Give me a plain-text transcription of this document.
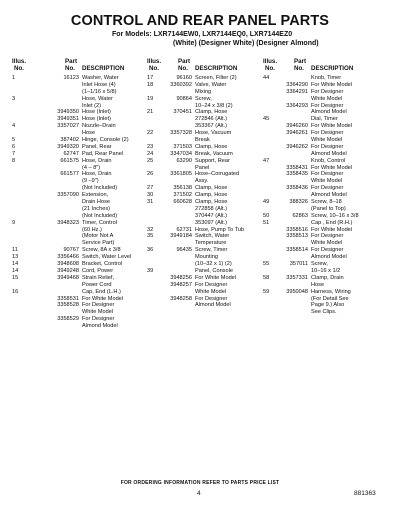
CONTROL AND REAR PANEL PARTS
For Models: LXR7144EW0, LXR7144EQ0, LXR7144EZ0
(White) (Designer White) (Designer Almond)
Illus.
No.
Part
No. DESCRIPTION
1	16123 Washer, Water
Inlet Hose (4)
(1–1/16 x 5/8)
3	Hose, Water
Inlet (2)
3949350 Hose (Inlet)
3949351 Hose (Inlet)
4	3357027 Nozzle–Drain
Hose
5	387402 Hinge, Console (2)
6	3949320 Panel, Rear
7	62747 Pad, Rear Panel
8	661575 Hose, Drain
(4 – 8")
661577 Hose, Drain
(9 –9")
(Not Included)
3357090 Extension,
Drain Hose
(21 Inches)
(Not Included)
9	3948323 Timer, Control
(60 Hz.)
(Motor Not A
Service Part)
11	90767 Screw, 8A x 3/8
13	3356466 Switch, Water Level
14	3948608 Bracket, Control
14	3949248 Cord, Power
15	3949468 Strain Relief,
Power Cord
16	Cap, End (L.H.)
3358531 For White Model
3358528 For Designer
White Model
3358529 For Designer
Almond Model
Illus.
No.
Part
No. DESCRIPTION
17	96160 Screen, Filter (2)
18	3360392 Valve, Water
Mixing
19	90864 Screw,
10–24 x 3/8 (2)
21	370451 Clamp, Hose
272846 (Alt.)
353367 (Alt.)
22	3357328 Hose, Vacuum
Break
23	371503 Clamp, Hose
24	3347034 Break, Vacuum
25	63290 Support, Rear
Panel
26	3361805 Hose–Corrugated
Assy.
27	356138 Clamp, Hose
30	371502 Clamp, Hose
31	660628 Clamp, Hose
272858 (Alt.)
370447 (Alt.)
353097 (Alt.)
32	62731 Hose, Pump To Tub
35	3949184 Switch, Water
Temperature
36	96435 Screw, Timer
Mounting
(10–32 x 1) (2)
39	Panel, Console
3948256 For White Model
3948257 For Designer
White Model
3948258 For Designer
Almond Model
Illus.
No.
Part
No. DESCRIPTION
44	Knob, Timer
3364290 For White Model
3364291 For Designer
White Model
3364293 For Designer
Almond Model
45	Dial, Timer
3946260 For White Model
3946261 For Designer
White Model
3946262 For Designer
Almond Model
47	Knob, Control
3358431 For White Model
3358435 For Designer
White Model
3358436 For Designer
Almond Model
49	388326 Screw, 8–18
(Panel to Top)
50	62863 Screw, 10–16 x 3/8
51	Cap , End (R.H.)
3358516 For White Model
3358513 For Designer
White Model
3358514 For Designer
Almond Model
55	357011 Screw,
10–16 x 1/2
58	3357331 Clamp, Drain
Hose
59	3950048 Harness, Wiring
(For Detail See
Page 9.) Also
See Clips.
FOR ORDERING INFORMATION REFER TO PARTS PRICE LIST
4	881363
